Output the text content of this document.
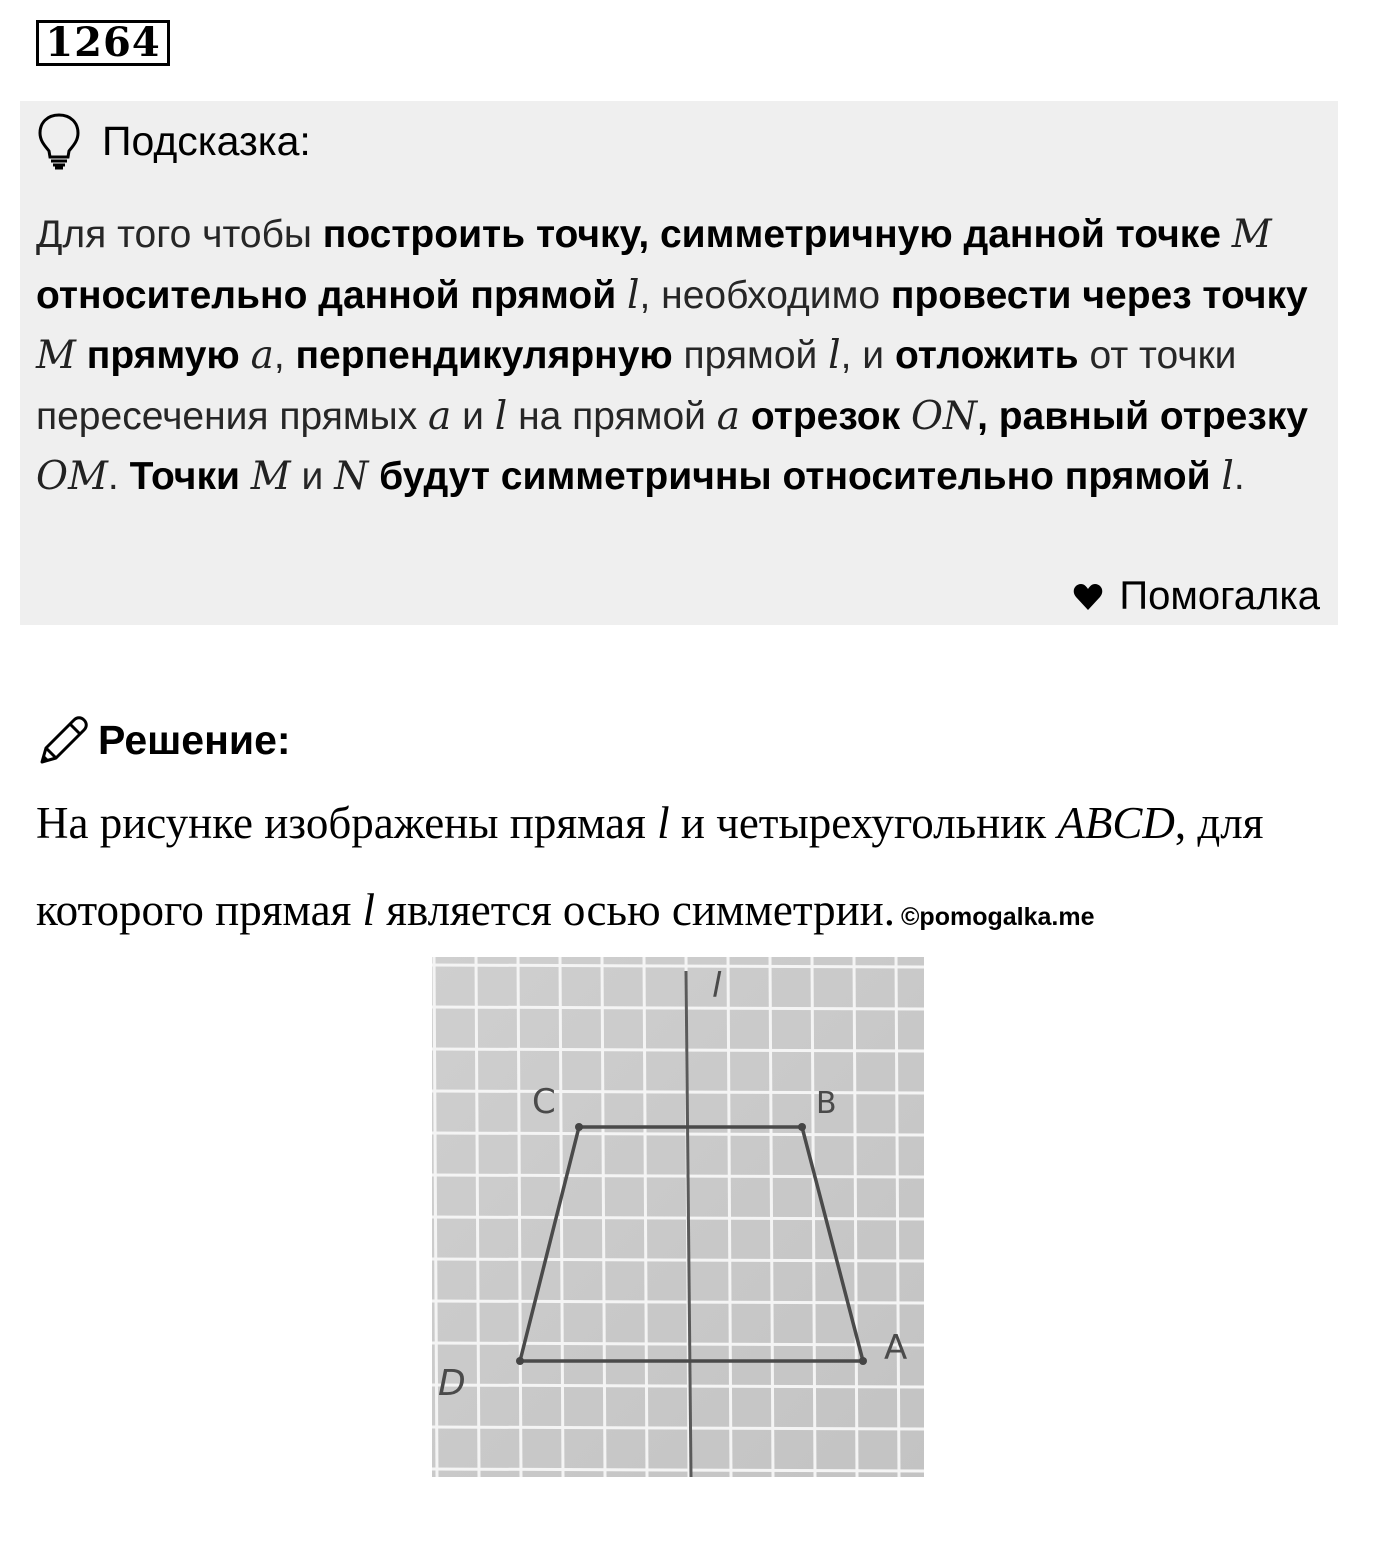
1264
Подсказка:
Для того чтобы построить точку, симметричную данной точке M относительно данной прямой l, необходимо провести через точку M прямую a, перпендикулярную прямой l, и отложить от точки пересечения прямых a и l на прямой a отрезок ON, равный отрезку OM. Точки M и N будут симметричны относительно прямой l.
Помогалка
Решение:
На рисунке изображены прямая l и четырехугольник ABCD, для которого прямая l является осью симметрии. ©pomogalka.me
l
C	B
A
D
